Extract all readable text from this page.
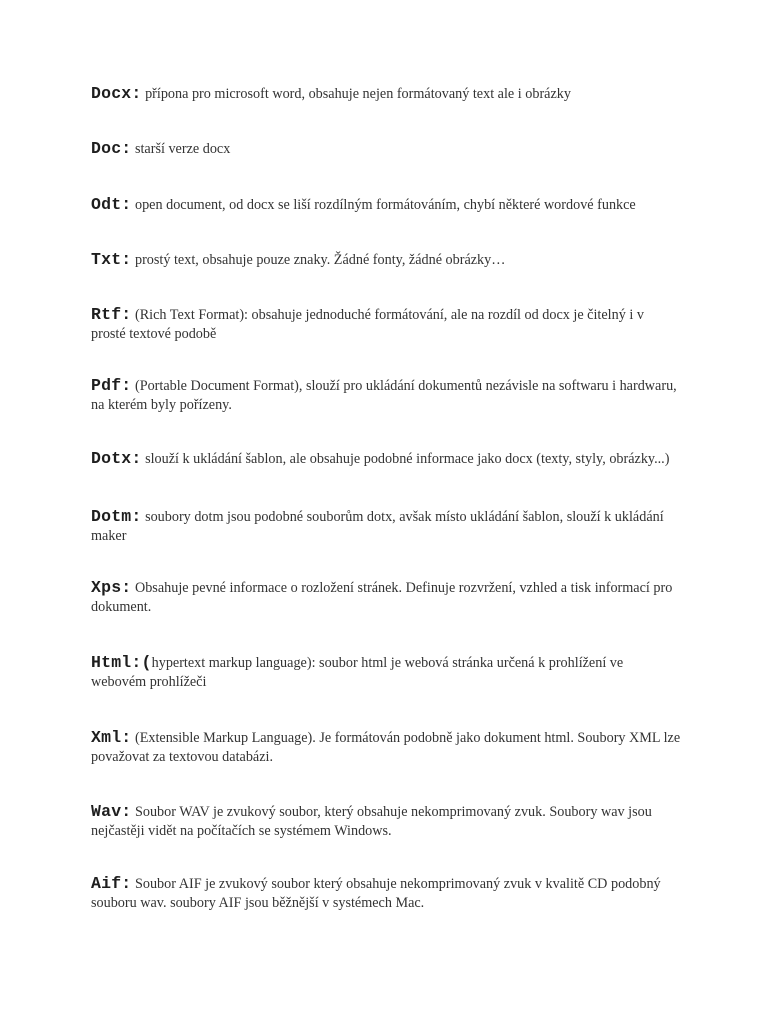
Docx: přípona pro microsoft word, obsahuje nejen formátovaný text ale i obrázky

Doc: starší verze docx

Odt: open document, od docx se liší rozdílným formátováním, chybí některé wordové funkce

Txt: prostý text, obsahuje pouze znaky. Žádné fonty, žádné obrázky…

Rtf: (Rich Text Format): obsahuje jednoduché formátování, ale na rozdíl od docx je čitelný i v prosté textové podobě

Pdf: (Portable Document Format), slouží pro ukládání dokumentů nezávisle na softwaru i hardwaru, na kterém byly pořízeny.

Dotx: slouží k ukládání šablon, ale obsahuje podobné informace jako docx (texty, styly, obrázky...)

Dotm: soubory dotm jsou podobné souborům dotx, avšak místo ukládání šablon, slouží k ukládání maker

Xps: Obsahuje pevné informace o rozložení stránek. Definuje rozvržení, vzhled a tisk informací pro dokument.

Html:(hypertext markup language): soubor html je webová stránka určená k prohlížení ve webovém prohlížeči

Xml: (Extensible Markup Language). Je formátován podobně jako dokument html. Soubory XML lze považovat za textovou databázi.

Wav: Soubor WAV je zvukový soubor, který obsahuje nekomprimovaný zvuk. Soubory wav jsou nejčastěji vidět na počítačích se systémem Windows.

Aif: Soubor AIF je zvukový soubor který obsahuje nekomprimovaný zvuk v kvalitě CD podobný souboru wav. soubory AIF jsou běžnější v systémech Mac.
